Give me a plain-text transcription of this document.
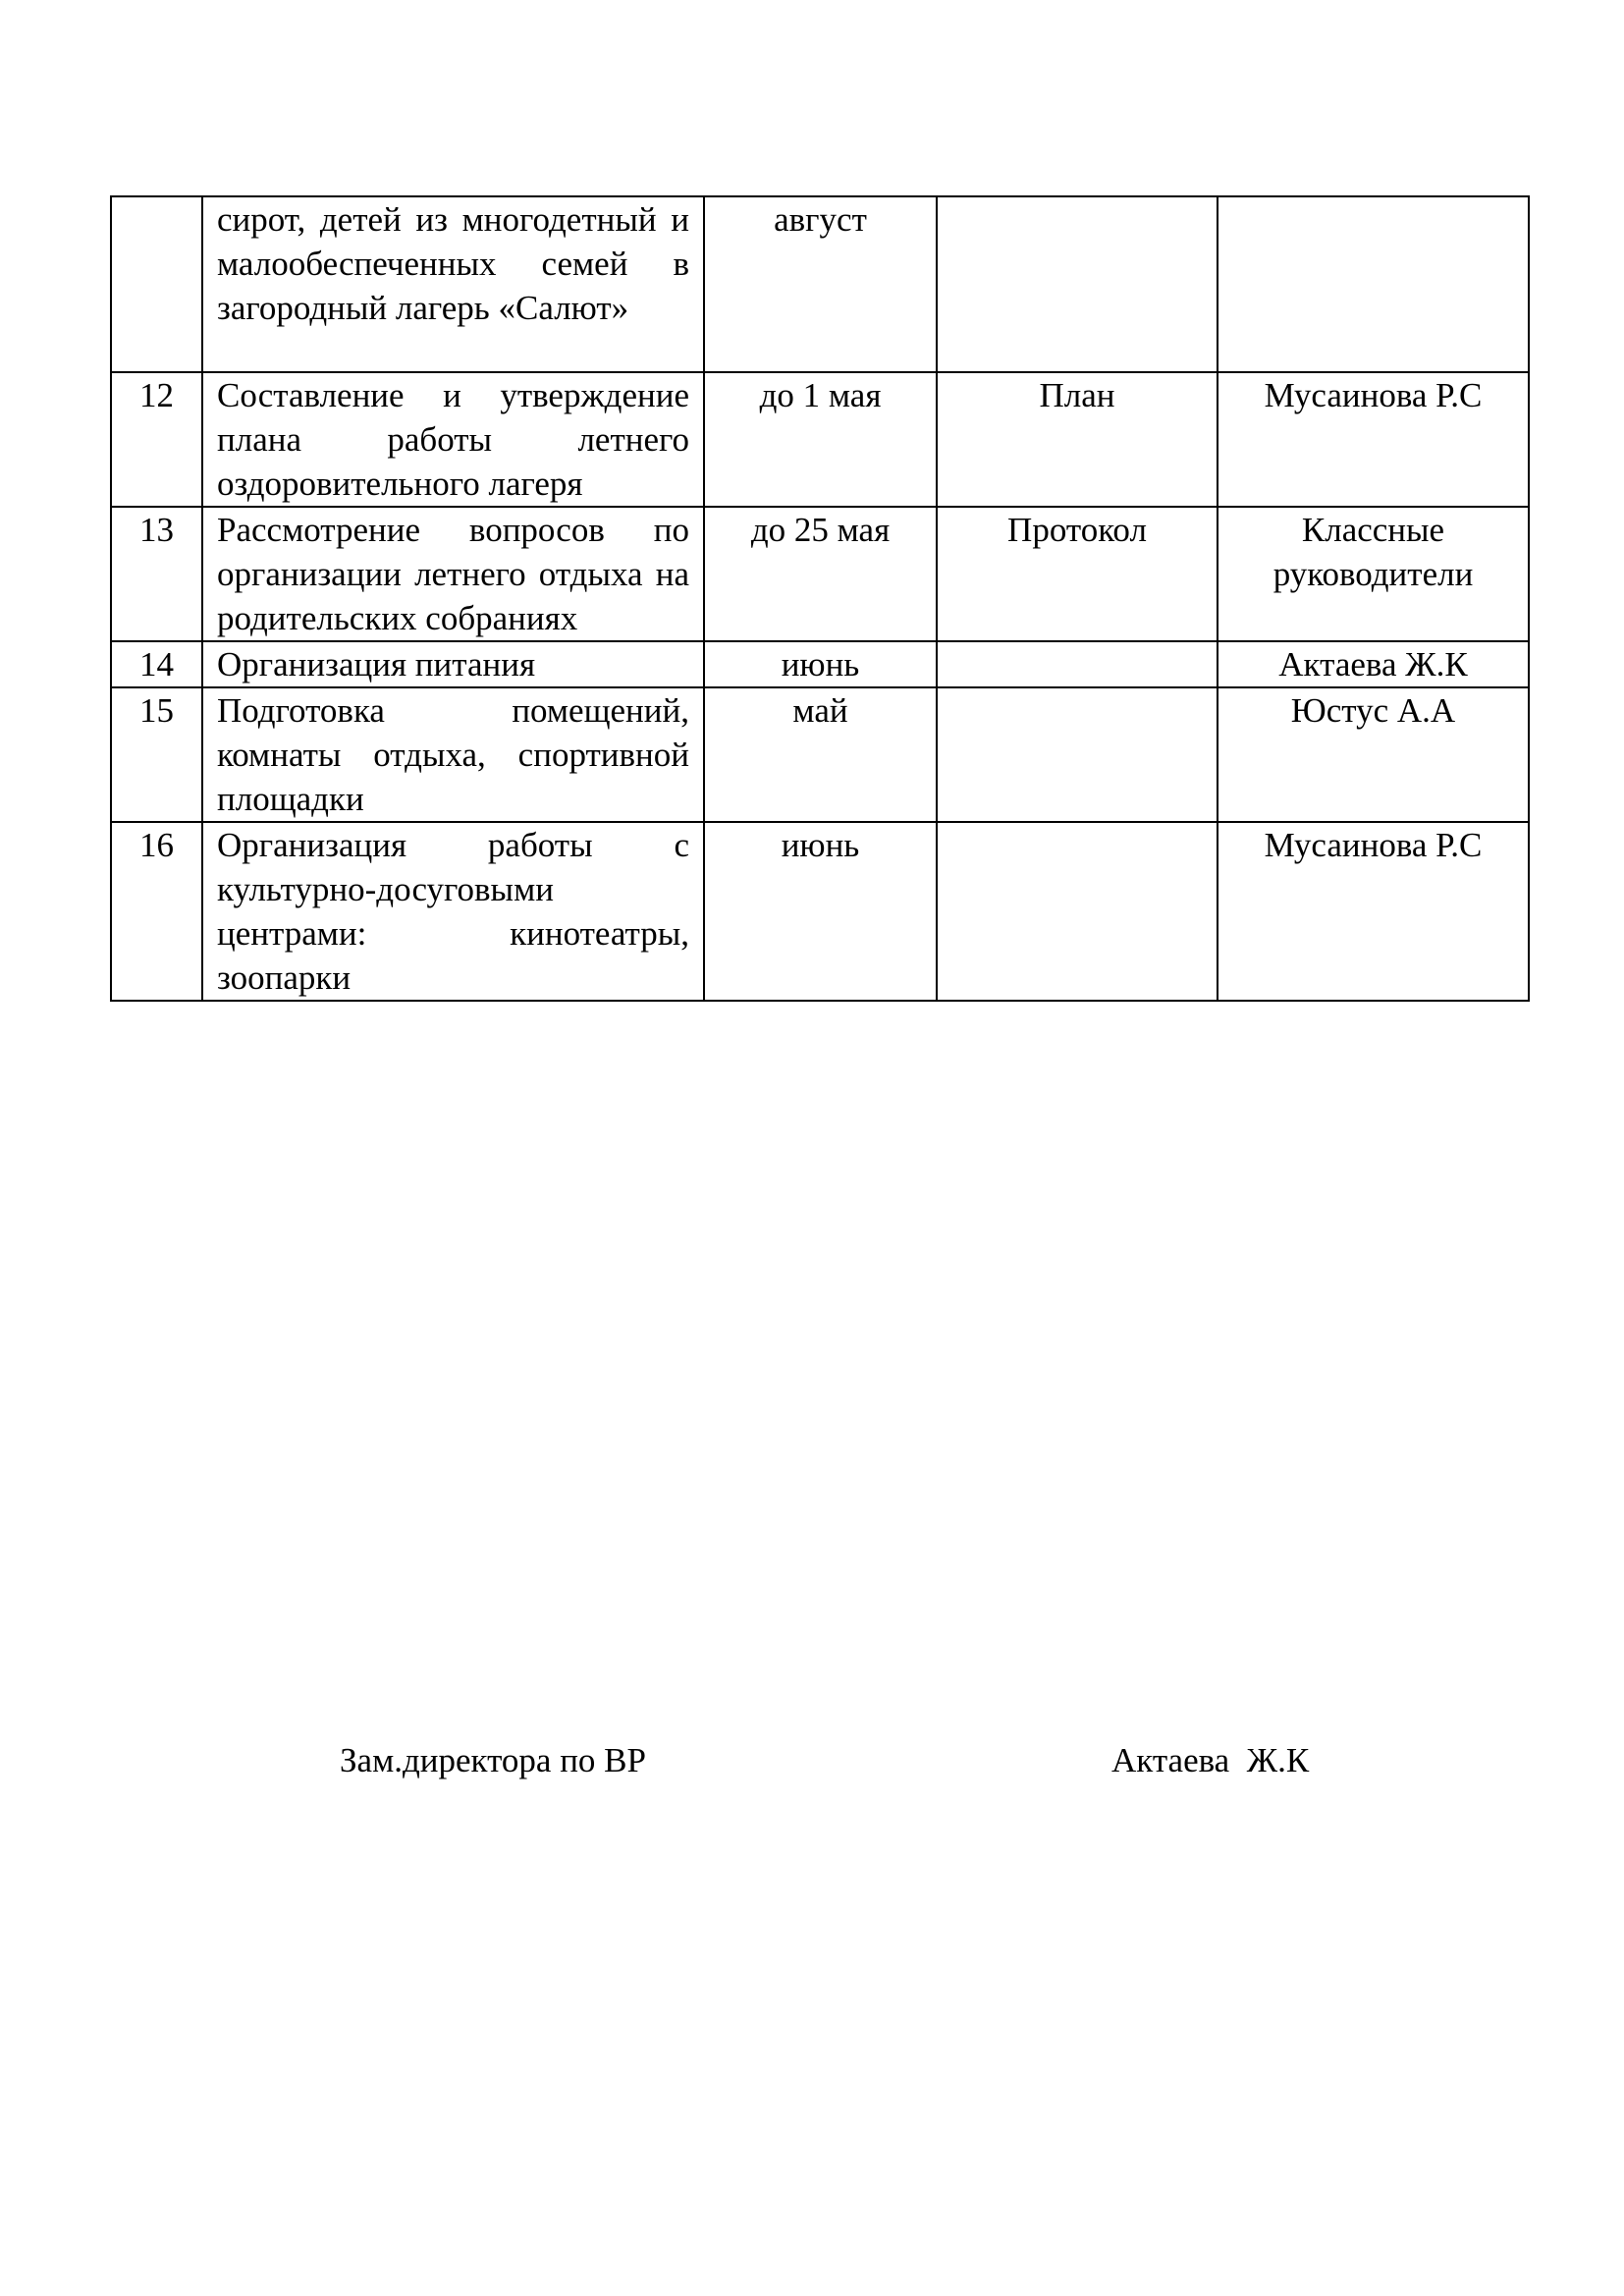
	сирот, детей из многодетный и малообеспеченных семей в загородный лагерь «Салют»	август		
12	Составление и утверждение плана работы летнего оздоровительного лагеря	до 1 мая	План	Мусаинова Р.С
13	Рассмотрение вопросов по организации летнего отдыха на родительских собраниях	до 25 мая	Протокол	Классные руководители
14	Организация питания	июнь		Актаева Ж.К
15	Подготовка помещений, комнаты отдыха, спортивной площадки	май		Юстус А.А
16	Организация работы с культурно-досуговыми центрами: кинотеатры, зоопарки	июнь		Мусаинова Р.С
Зам.директора по ВР	Актаева  Ж.К
